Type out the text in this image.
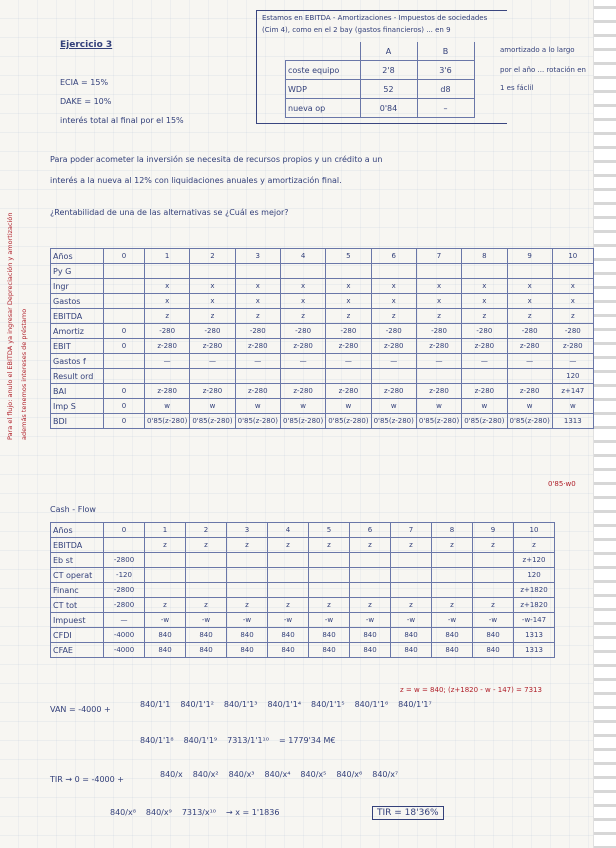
Ejercicio 3
ECIA = 15%
DAKE = 10%
interés total al final por el 15%
Estamos en EBITDA - Amortizaciones - Impuestos de sociedades
(Cim 4), como en el 2 bay (gastos financieros) ... en 9
amortizado a lo largo
por el año ... rotación en
1 es fáclil
	A	B
coste equipo	2'8	3'6
WDP	52	d8
nueva op	0'84	–
Para poder acometer la inversión se necesita de recursos propios y un crédito a un
interés a la nueva al 12% con liquidaciones anuales y amortización final.
¿Rentabilidad de una de las alternativas se ¿Cuál es mejor?
Para el flujo: anulo el EBITDA ya ingresar Depreciación y amortización además tenemos intereses de préstamo
Años	0	1	2	3	4	5	6	7	8	9	10
Py G											
Ingr		x	x	x	x	x	x	x	x	x	x
Gastos		x	x	x	x	x	x	x	x	x	x
EBITDA		z	z	z	z	z	z	z	z	z	z
Amortiz	0	-280	-280	-280	-280	-280	-280	-280	-280	-280	-280
EBIT	0	z-280	z-280	z-280	z-280	z-280	z-280	z-280	z-280	z-280	z-280
Gastos f		—	—	—	—	—	—	—	—	—	—
Result ord											120
BAI	0	z-280	z-280	z-280	z-280	z-280	z-280	z-280	z-280	z-280	z+147
Imp S	0	w	w	w	w	w	w	w	w	w	w
BDI	0	0'85(z-280)	0'85(z-280)	0'85(z-280)	0'85(z-280)	0'85(z-280)	0'85(z-280)	0'85(z-280)	0'85(z-280)	0'85(z-280)	1313
0'85·w0
Cash - Flow
Años	0	1	2	3	4	5	6	7	8	9	10
EBITDA		z	z	z	z	z	z	z	z	z	z
Eb st	-2800										z+120
CT operat	-120										120
Financ	-2800										z+1820
CT tot	-2800	z	z	z	z	z	z	z	z	z	z+1820
Impuest	—	-w	-w	-w	-w	-w	-w	-w	-w	-w	-w-147
CFDI	-4000	840	840	840	840	840	840	840	840	840	1313
CFAE	-4000	840	840	840	840	840	840	840	840	840	1313
z = w = 840; (z+1820 - w - 147) = 7313
VAN = -4000 +
840/1'1 840/1'1² 840/1'1³ 840/1'1⁴ 840/1'1⁵ 840/1'1⁶ 840/1'1⁷
840/1'1⁸ 840/1'1⁹ 7313/1'1¹⁰ = 1779'34 M€
TIR → 0 = -4000 +
840/x 840/x² 840/x³ 840/x⁴ 840/x⁵ 840/x⁶ 840/x⁷
840/x⁸ 840/x⁹ 7313/x¹⁰ → x = 1'1836	TIR = 18'36%
